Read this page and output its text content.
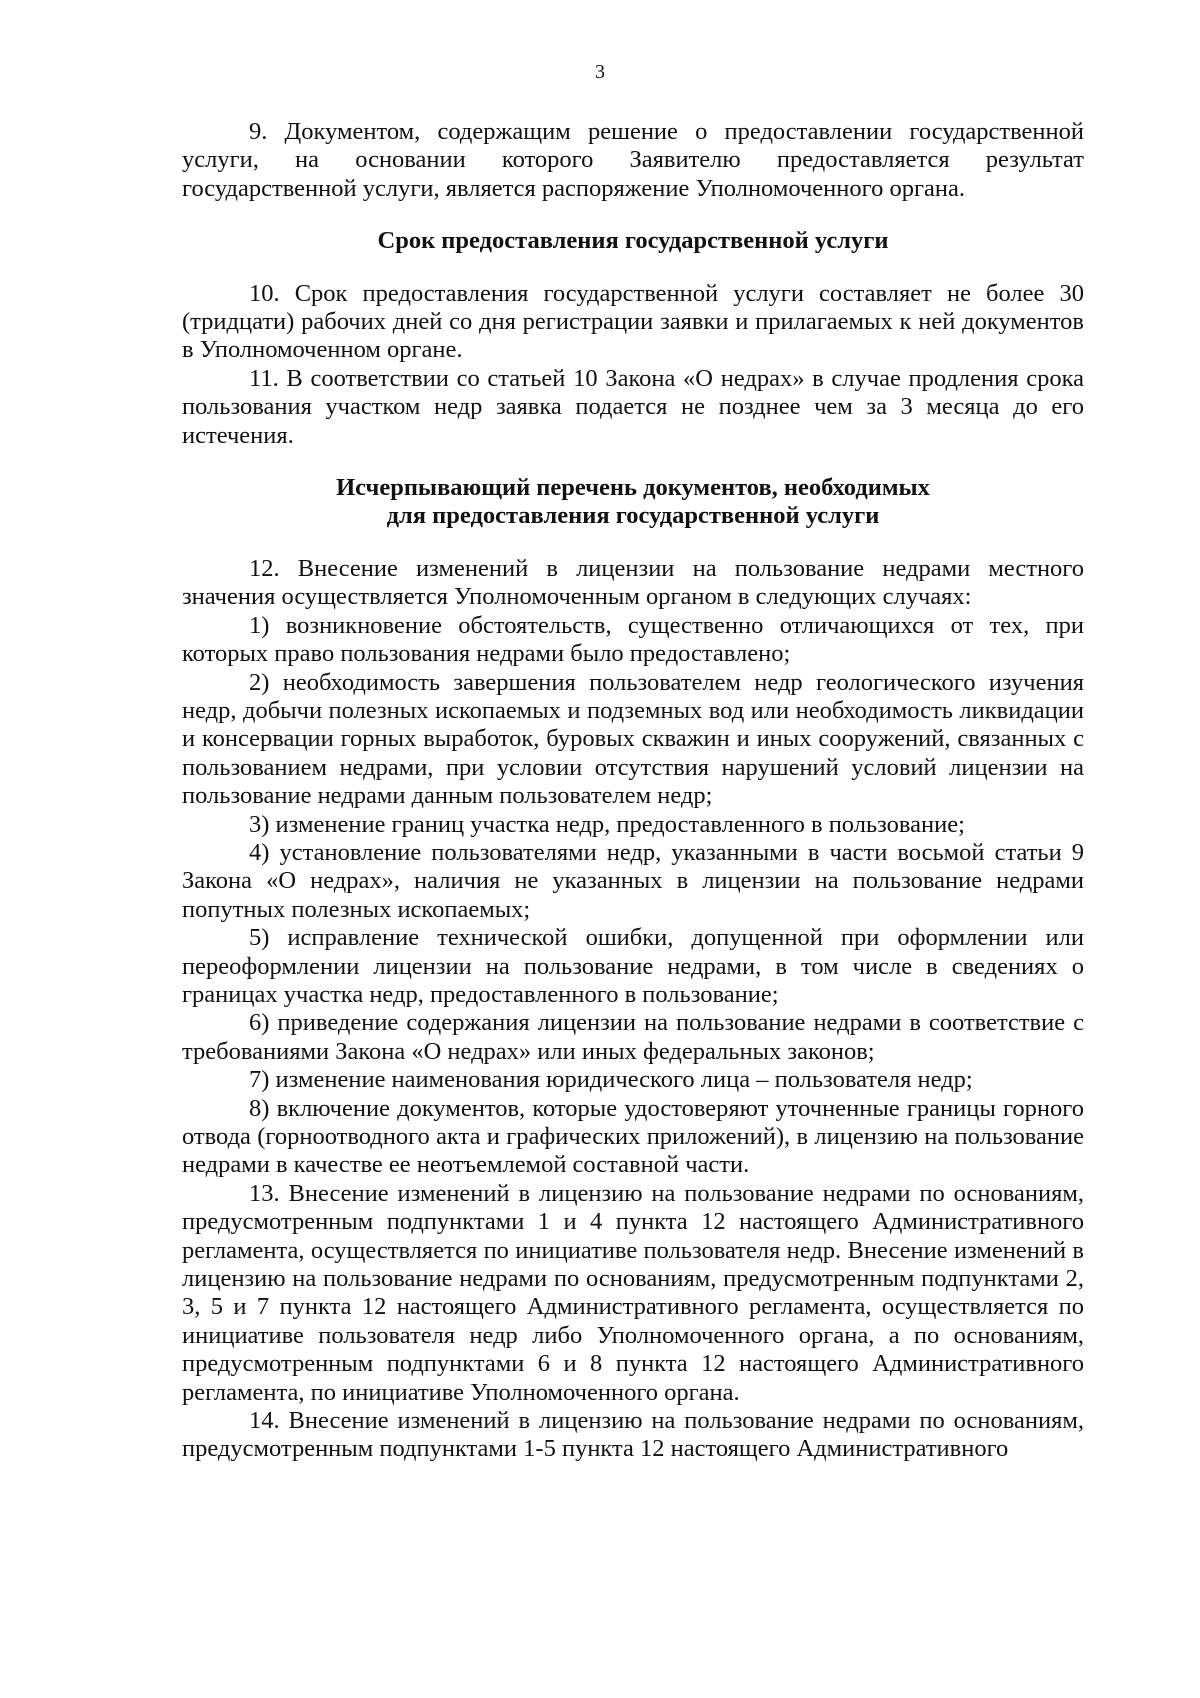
3

9. Документом, содержащим решение о предоставлении государственной услуги, на основании которого Заявителю предоставляется результат государственной услуги, является распоряжение Уполномоченного органа.

Срок предоставления государственной услуги

10. Срок предоставления государственной услуги составляет не более 30 (тридцати) рабочих дней со дня регистрации заявки и прилагаемых к ней документов в Уполномоченном органе.

11. В соответствии со статьей 10 Закона «О недрах» в случае продления срока пользования участком недр заявка подается не позднее чем за 3 месяца до его истечения.

Исчерпывающий перечень документов, необходимых
для предоставления государственной услуги

12. Внесение изменений в лицензии на пользование недрами местного значения осуществляется Уполномоченным органом в следующих случаях:

1) возникновение обстоятельств, существенно отличающихся от тех, при которых право пользования недрами было предоставлено;

2) необходимость завершения пользователем недр геологического изучения недр, добычи полезных ископаемых и подземных вод или необходимость ликвидации и консервации горных выработок, буровых скважин и иных сооружений, связанных с пользованием недрами, при условии отсутствия нарушений условий лицензии на пользование недрами данным пользователем недр;

3) изменение границ участка недр, предоставленного в пользование;

4) установление пользователями недр, указанными в части восьмой статьи 9 Закона «О недрах», наличия не указанных в лицензии на пользование недрами попутных полезных ископаемых;

5) исправление технической ошибки, допущенной при оформлении или переоформлении лицензии на пользование недрами, в том числе в сведениях о границах участка недр, предоставленного в пользование;

6) приведение содержания лицензии на пользование недрами в соответствие с требованиями Закона «О недрах» или иных федеральных законов;

7) изменение наименования юридического лица – пользователя недр;

8) включение документов, которые удостоверяют уточненные границы горного отвода (горноотводного акта и графических приложений), в лицензию на пользование недрами в качестве ее неотъемлемой составной части.

13. Внесение изменений в лицензию на пользование недрами по основаниям, предусмотренным подпунктами 1 и 4 пункта 12 настоящего Административного регламента, осуществляется по инициативе пользователя недр. Внесение изменений в лицензию на пользование недрами по основаниям, предусмотренным подпунктами 2, 3, 5 и 7 пункта 12 настоящего Административного регламента, осуществляется по инициативе пользователя недр либо Уполномоченного органа, а по основаниям, предусмотренным подпунктами 6 и 8 пункта 12 настоящего Административного регламента, по инициативе Уполномоченного органа.

14. Внесение изменений в лицензию на пользование недрами по основаниям, предусмотренным подпунктами 1-5 пункта 12 настоящего Административного
